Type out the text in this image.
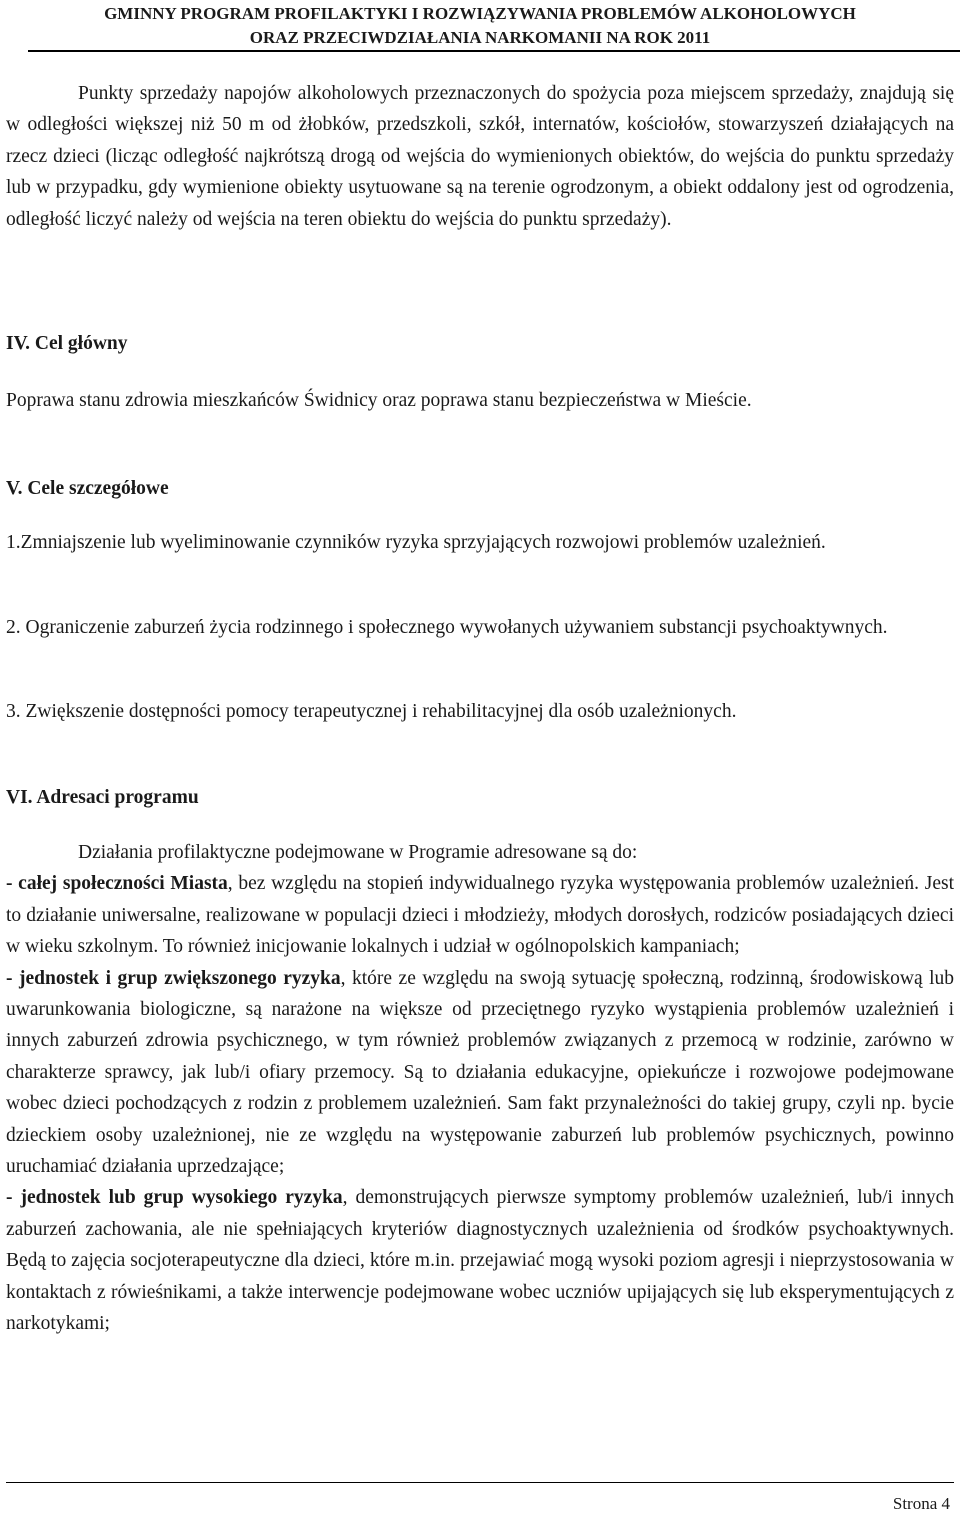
GMINNY PROGRAM PROFILAKTYKI I ROZWIĄZYWANIA PROBLEMÓW ALKOHOLOWYCH
ORAZ PRZECIWDZIAŁANIA NARKOMANII NA ROK 2011

Punkty sprzedaży napojów alkoholowych przeznaczonych do spożycia poza miejscem sprzedaży, znajdują się w odległości większej niż 50 m od żłobków, przedszkoli, szkół, internatów, kościołów, stowarzyszeń działających na rzecz dzieci (licząc odległość najkrótszą drogą od wejścia do wymienionych obiektów, do wejścia do punktu sprzedaży lub w przypadku, gdy wymienione obiekty usytuowane są na terenie ogrodzonym, a obiekt oddalony jest od ogrodzenia, odległość liczyć należy od wejścia na teren obiektu do wejścia do punktu sprzedaży).

IV. Cel główny

Poprawa stanu zdrowia mieszkańców Świdnicy oraz poprawa stanu bezpieczeństwa w Mieście.

V. Cele szczegółowe

1.Zmniajszenie lub wyeliminowanie czynników ryzyka sprzyjających rozwojowi problemów uzależnień.

2. Ograniczenie zaburzeń życia rodzinnego i społecznego wywołanych używaniem substancji psychoaktywnych.

3. Zwiększenie dostępności pomocy terapeutycznej i rehabilitacyjnej dla osób uzależnionych.

VI. Adresaci programu
Działania profilaktyczne podejmowane w Programie adresowane są do:
- całej społeczności Miasta, bez względu na stopień indywidualnego ryzyka występowania problemów uzależnień. Jest to działanie uniwersalne, realizowane w populacji dzieci i młodzieży, młodych dorosłych, rodziców posiadających dzieci w wieku szkolnym. To również inicjowanie lokalnych i udział w ogólnopolskich kampaniach;
- jednostek i grup zwiększonego ryzyka, które ze względu na swoją sytuację społeczną, rodzinną, środowiskową lub uwarunkowania biologiczne, są narażone na większe od przeciętnego ryzyko wystąpienia problemów uzależnień i innych zaburzeń zdrowia psychicznego, w tym również problemów związanych z przemocą w rodzinie, zarówno w charakterze sprawcy, jak lub/i ofiary przemocy. Są to działania edukacyjne, opiekuńcze i rozwojowe podejmowane wobec dzieci pochodzących z rodzin z problemem uzależnień. Sam fakt przynależności do takiej grupy, czyli np. bycie dzieckiem osoby uzależnionej, nie ze względu na występowanie zaburzeń lub problemów psychicznych, powinno uruchamiać działania uprzedzające;
- jednostek lub grup wysokiego ryzyka, demonstrujących pierwsze symptomy problemów uzależnień, lub/i innych zaburzeń zachowania, ale nie spełniających kryteriów diagnostycznych uzależnienia od środków psychoaktywnych. Będą to zajęcia socjoterapeutyczne dla dzieci, które m.in. przejawiać mogą wysoki poziom agresji i nieprzystosowania w kontaktach z rówieśnikami, a także interwencje podejmowane wobec uczniów upijających się lub eksperymentujących z narkotykami;
Strona 4
